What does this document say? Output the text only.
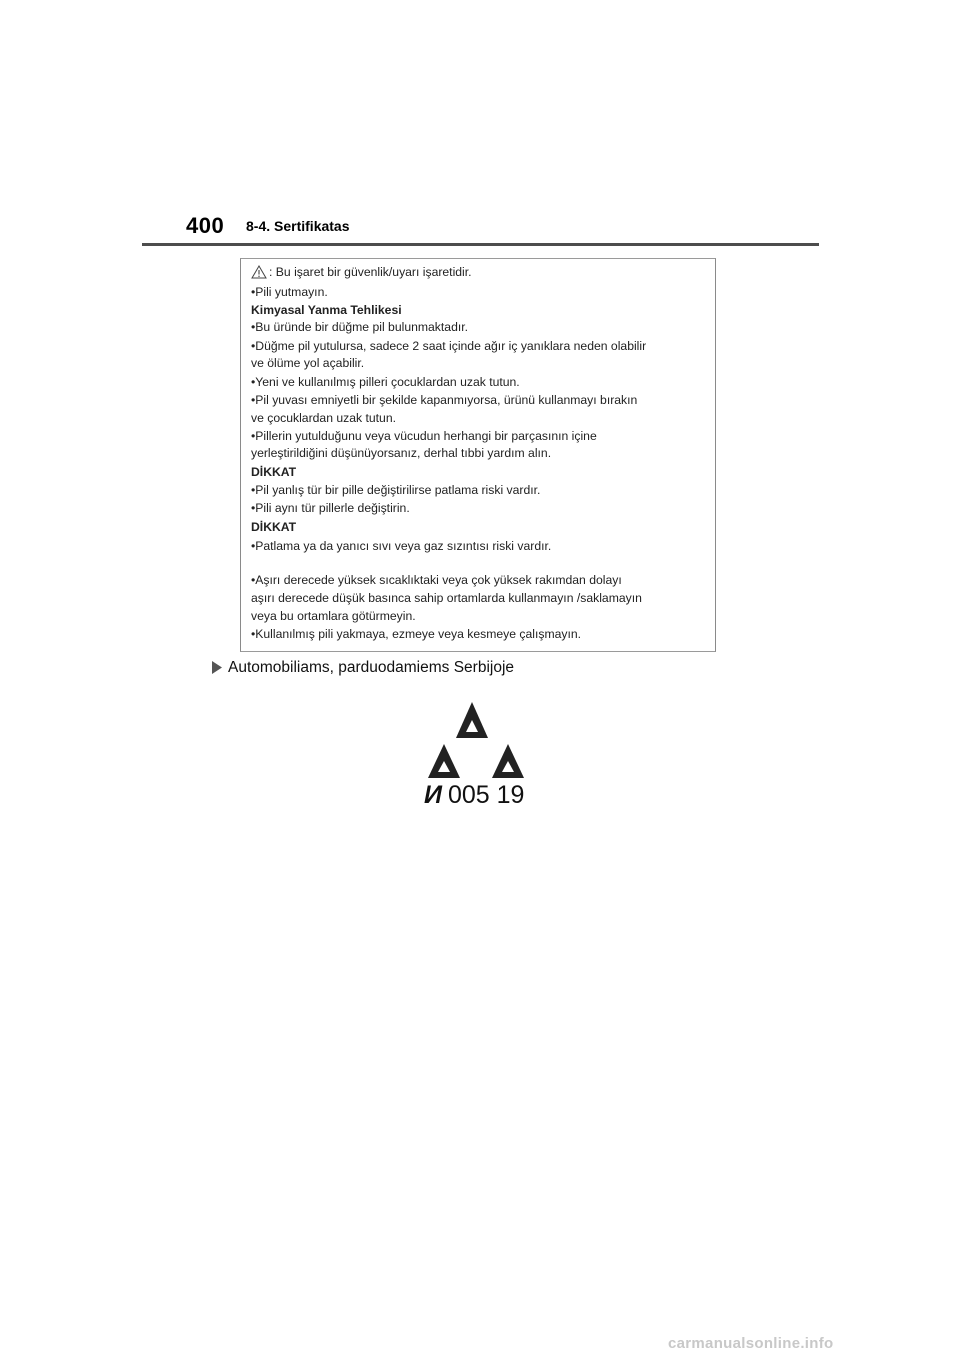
400 8-4. Sertifikatas
: Bu işaret bir güvenlik/uyarı işaretidir.
•Pili yutmayın.
Kimyasal Yanma Tehlikesi
•Bu üründe bir düğme pil bulunmaktadır.
•Düğme pil yutulursa, sadece 2 saat içinde ağır iç yanıklara neden olabilir
ve ölüme yol açabilir.
•Yeni ve kullanılmış pilleri çocuklardan uzak tutun.
•Pil yuvası emniyetli bir şekilde kapanmıyorsa, ürünü kullanmayı bırakın
ve çocuklardan uzak tutun.
•Pillerin yutulduğunu veya vücudun herhangi bir parçasının içine
yerleştirildiğini düşünüyorsanız, derhal tıbbi yardım alın.
DİKKAT
•Pil yanlış tür bir pille değiştirilirse patlama riski vardır.
•Pili aynı tür pillerle değiştirin.
DİKKAT
•Patlama ya da yanıcı sıvı veya gaz sızıntısı riski vardır.
•Aşırı derecede yüksek sıcaklıktaki veya çok yüksek rakımdan dolayı
aşırı derecede düşük basınca sahip ortamlarda kullanmayın /saklamayın
veya bu ortamlara götürmeyin.
•Kullanılmış pili yakmaya, ezmeye veya kesmeye çalışmayın.
Automobiliams, parduodamiems Serbijoje
И 005 19
carmanualsonline.info
